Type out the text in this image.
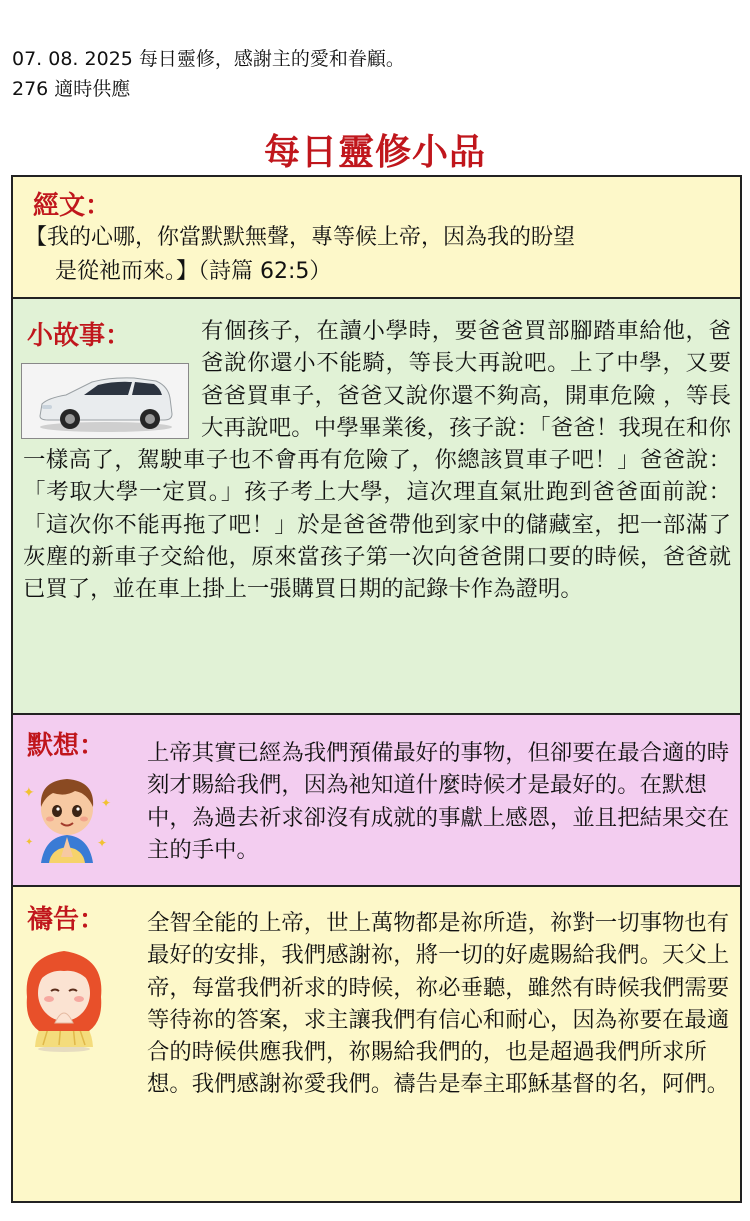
07. 08. 2025 每日靈修，感謝主的愛和眷顧。
276 適時供應
每日靈修小品
經文：
【我的心哪，你當默默無聲，專等候上帝，因為我的盼望
是從祂而來。】（詩篇 62:5）
有個孩子，在讀小學時，要爸爸買部腳踏車給他，爸爸說你還小不能騎，等長大再說吧。上了中學，又要爸爸買車子，爸爸又說你還不夠高，開車危險 ，等長大再說吧。中學畢業後，孩子說：「爸爸！我現在和你一樣高了，駕駛車子也不會再有危險了，你總該買車子吧！」爸爸說：「考取大學一定買。」孩子考上大學，這次理直氣壯跑到爸爸面前說：「這次你不能再拖了吧！」於是爸爸帶他到家中的儲藏室，把一部滿了灰塵的新車子交給他，原來當孩子第一次向爸爸開口要的時候，爸爸就已買了，並在車上掛上一張購買日期的記錄卡作為證明。
小故事：
默想：
✦
✦
✦	✦
上帝其實已經為我們預備最好的事物，但卻要在最合適的時刻才賜給我們，因為祂知道什麼時候才是最好的。在默想中，為過去祈求卻沒有成就的事獻上感恩，並且把結果交在主的手中。
禱告： 全智全能的上帝，世上萬物都是祢所造，祢對一切事物也有最好的安排，我們感謝祢，將一切的好處賜給我們。天父上帝，每當我們祈求的時候，祢必垂聽，雖然有時候我們需要等待祢的答案，求主讓我們有信心和耐心，因為祢要在最適合的時候供應我們，祢賜給我們的，也是超過我們所求所想。我們感謝祢愛我們。禱告是奉主耶穌基督的名，阿們。
